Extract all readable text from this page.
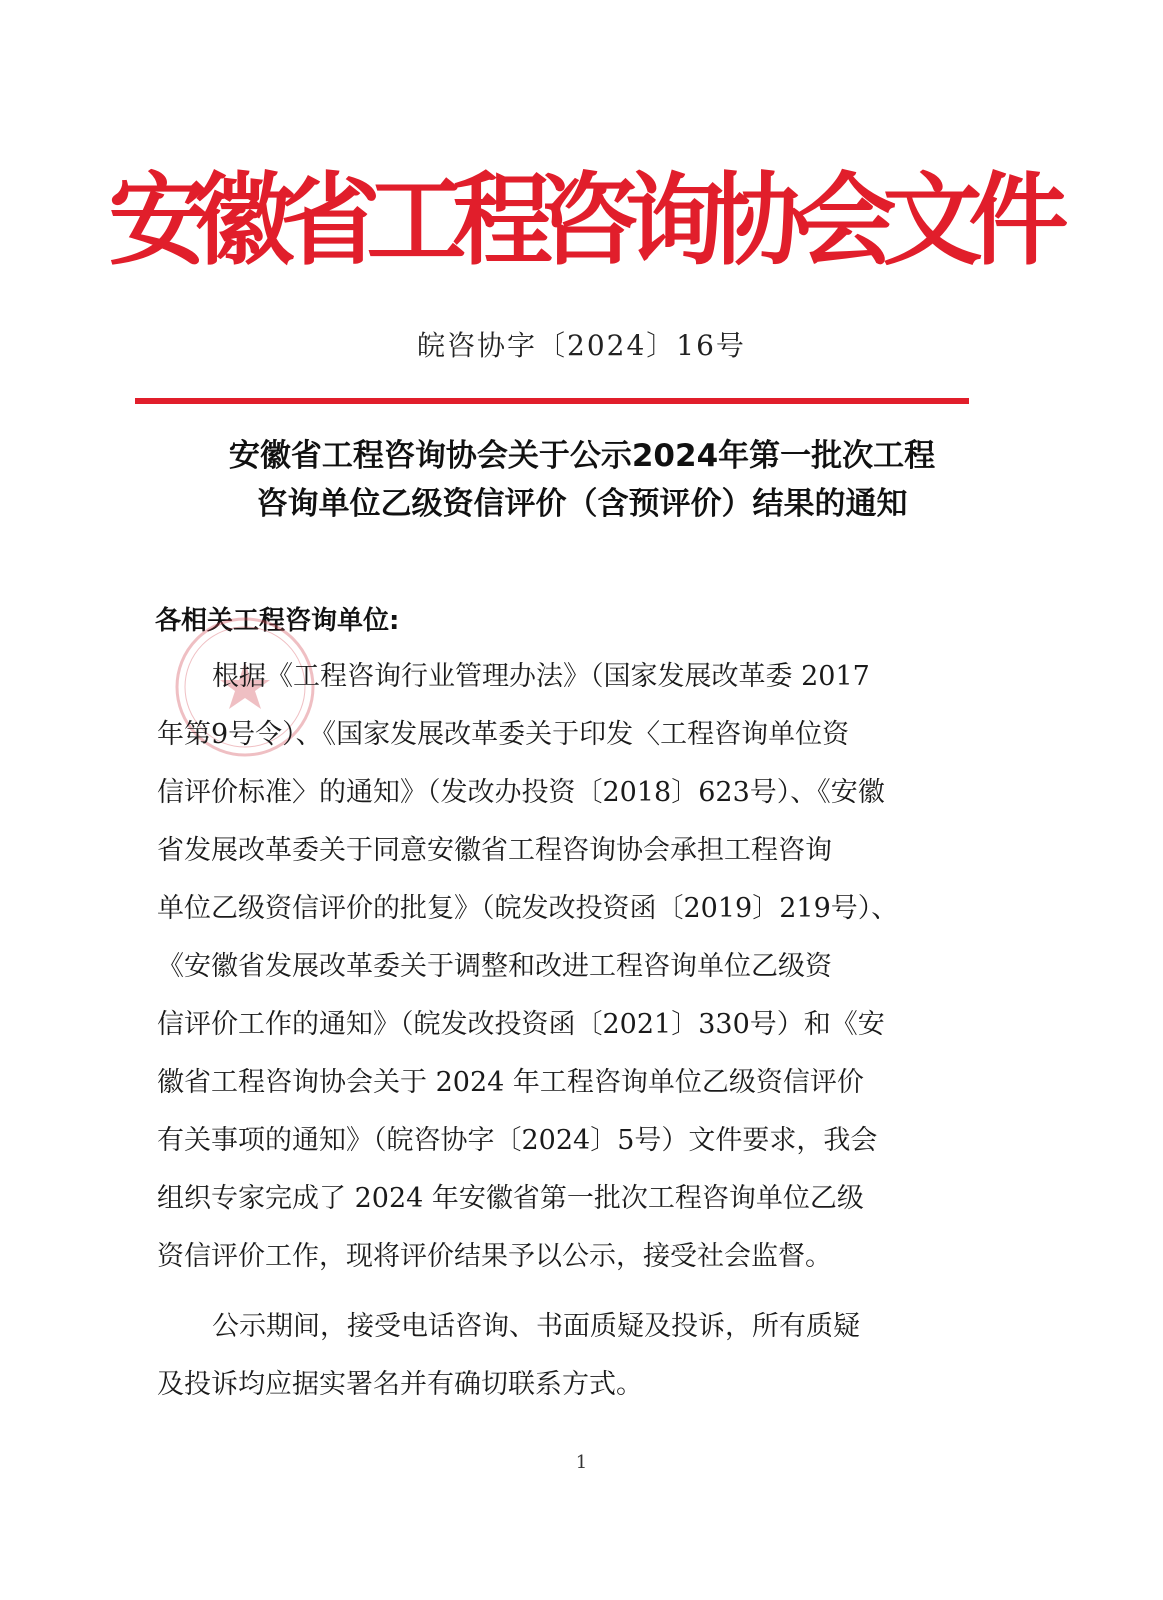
安徽省工程咨询协会文件
皖咨协字〔2024〕16号
安徽省工程咨询协会关于公示2024年第一批次工程
咨询单位乙级资信评价（含预评价）结果的通知
各相关工程咨询单位:
根据《工程咨询行业管理办法》（国家发展改革委 2017
年第9号令）、《国家发展改革委关于印发〈工程咨询单位资
信评价标准〉的通知》（发改办投资〔2018〕623号）、《安徽
省发展改革委关于同意安徽省工程咨询协会承担工程咨询
单位乙级资信评价的批复》（皖发改投资函〔2019〕219号）、
《安徽省发展改革委关于调整和改进工程咨询单位乙级资
信评价工作的通知》（皖发改投资函〔2021〕330号）和《安
徽省工程咨询协会关于 2024 年工程咨询单位乙级资信评价
有关事项的通知》（皖咨协字〔2024〕5号）文件要求，我会
组织专家完成了 2024 年安徽省第一批次工程咨询单位乙级
资信评价工作，现将评价结果予以公示，接受社会监督。
公示期间，接受电话咨询、书面质疑及投诉，所有质疑
及投诉均应据实署名并有确切联系方式。
1
